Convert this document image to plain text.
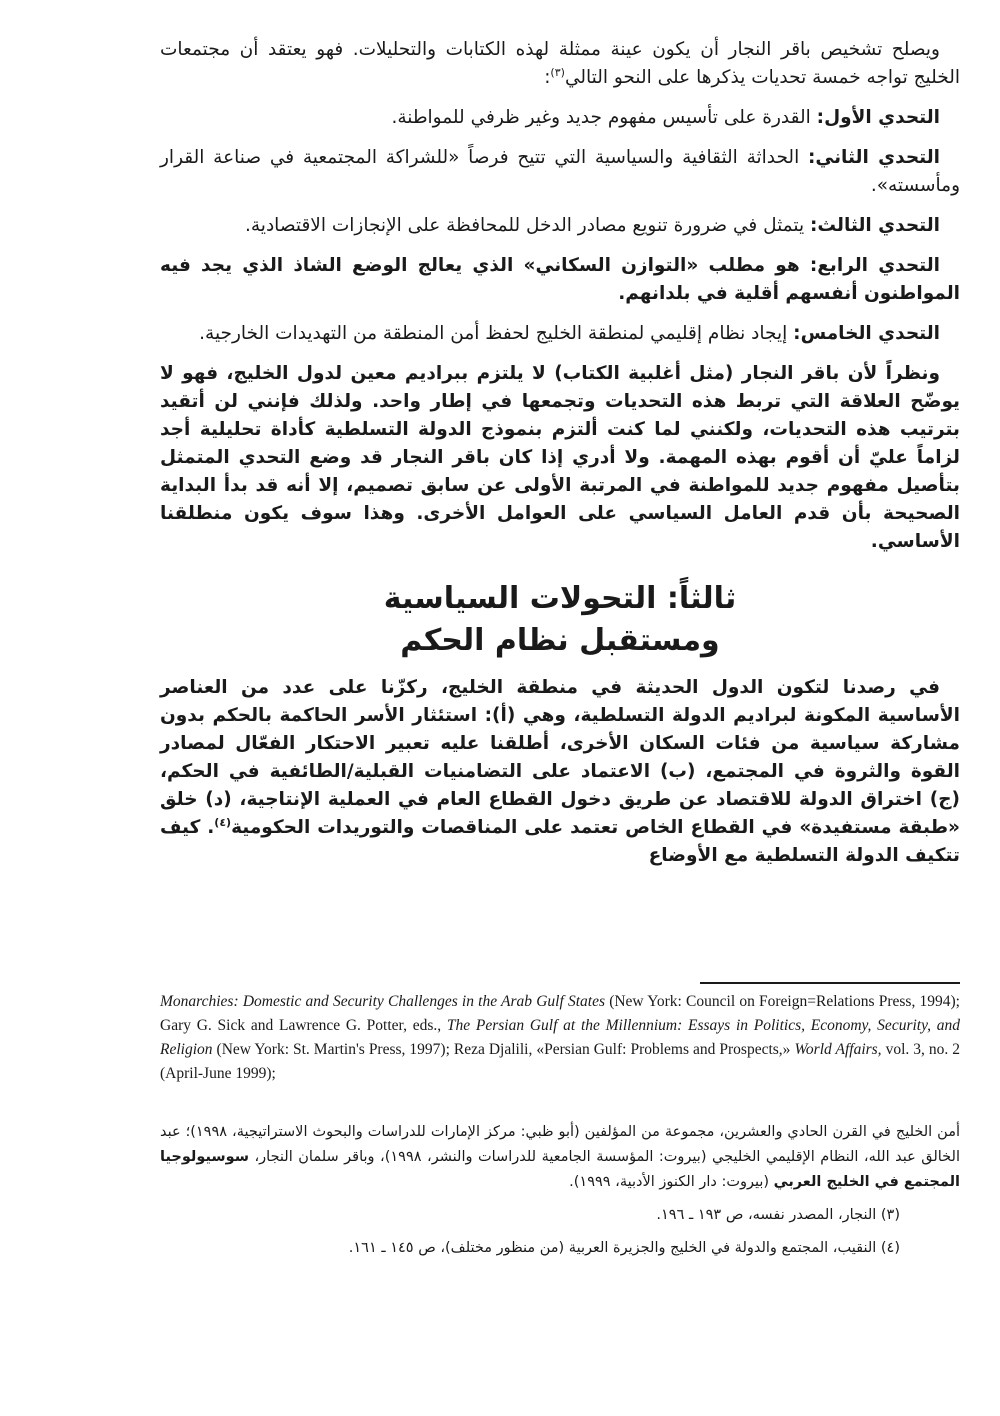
ويصلح تشخيص باقر النجار أن يكون عينة ممثلة لهذه الكتابات والتحليلات. فهو يعتقد أن مجتمعات الخليج تواجه خمسة تحديات يذكرها على النحو التالي$^{(٣)}$:

التحدي الأول: القدرة على تأسيس مفهوم جديد وغير ظرفي للمواطنة.

التحدي الثاني: الحداثة الثقافية والسياسية التي تتيح فرصاً «للشراكة المجتمعية في صناعة القرار ومأسسته».

التحدي الثالث: يتمثل في ضرورة تنويع مصادر الدخل للمحافظة على الإنجازات الاقتصادية.

التحدي الرابع: هو مطلب «التوازن السكاني» الذي يعالج الوضع الشاذ الذي يجد فيه المواطنون أنفسهم أقلية في بلدانهم.

التحدي الخامس: إيجاد نظام إقليمي لمنطقة الخليج لحفظ أمن المنطقة من التهديدات الخارجية.

ونظراً لأن باقر النجار (مثل أغلبية الكتاب) لا يلتزم ببراديم معين لدول الخليج، فهو لا يوضّح العلاقة التي تربط هذه التحديات وتجمعها في إطار واحد. ولذلك فإنني لن أتقيد بترتيب هذه التحديات، ولكنني لما كنت ألتزم بنموذج الدولة التسلطية كأداة تحليلية أجد لزاماً عليّ أن أقوم بهذه المهمة. ولا أدري إذا كان باقر النجار قد وضع التحدي المتمثل بتأصيل مفهوم جديد للمواطنة في المرتبة الأولى عن سابق تصميم، إلا أنه قد بدأ البداية الصحيحة بأن قدم العامل السياسي على العوامل الأخرى. وهذا سوف يكون منطلقنا الأساسي.

ثالثاً: التحولات السياسية
ومستقبل نظام الحكم

في رصدنا لتكون الدول الحديثة في منطقة الخليج، ركزّنا على عدد من العناصر الأساسية المكونة لبراديم الدولة التسلطية، وهي (أ): استئثار الأسر الحاكمة بالحكم بدون مشاركة سياسية من فئات السكان الأخرى، أطلقنا عليه تعبير الاحتكار الفعّال لمصادر القوة والثروة في المجتمع، (ب) الاعتماد على التضامنيات القبلية/الطائفية في الحكم، (ج) اختراق الدولة للاقتصاد عن طريق دخول القطاع العام في العملية الإنتاجية، (د) خلق «طبقة مستفيدة» في القطاع الخاص تعتمد على المناقصات والتوريدات الحكومية$^{(٤)}$. كيف تتكيف الدولة التسلطية مع الأوضاع

Monarchies: Domestic and Security Challenges in the Arab Gulf States (New York: Council on Foreign=Relations Press, 1994); Gary G. Sick and Lawrence G. Potter, eds., The Persian Gulf at the Millennium: Essays in Politics, Economy, Security, and Religion (New York: St. Martin's Press, 1997); Reza Djalili, «Persian Gulf: Problems and Prospects,» World Affairs, vol. 3, no. 2 (April-June 1999);

أمن الخليج في القرن الحادي والعشرين، مجموعة من المؤلفين (أبو ظبي: مركز الإمارات للدراسات والبحوث الاستراتيجية، ١٩٩٨)؛ عبد الخالق عبد الله، النظام الإقليمي الخليجي (بيروت: المؤسسة الجامعية للدراسات والنشر، ١٩٩٨)، وباقر سلمان النجار، سوسيولوجيا المجتمع في الخليج العربي (بيروت: دار الكنوز الأدبية، ١٩٩٩).

(٣) النجار، المصدر نفسه، ص ١٩٣ ـ ١٩٦.

(٤) النقيب، المجتمع والدولة في الخليج والجزيرة العربية (من منظور مختلف)، ص ١٤٥ ـ ١٦١.
